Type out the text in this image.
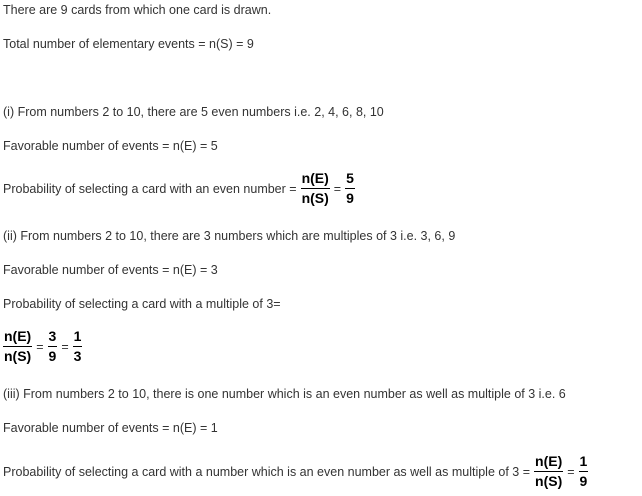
There are 9 cards from which one card is drawn.
Total number of elementary events = n(S) = 9
(i) From numbers 2 to 10, there are 5 even numbers i.e. 2, 4, 6, 8, 10
Favorable number of events = n(E) = 5
Probability of selecting a card with an even number = $\frac{n(E)}{n(S)} = \frac{5}{9}$
(ii) From numbers 2 to 10, there are 3 numbers which are multiples of 3 i.e. 3, 6, 9
Favorable number of events = n(E) = 3
Probability of selecting a card with a multiple of 3=
$\frac{n(E)}{n(S)} = \frac{3}{9} = \frac{1}{3}$
(iii) From numbers 2 to 10, there is one number which is an even number as well as multiple of 3 i.e. 6
Favorable number of events = n(E) = 1
Probability of selecting a card with a number which is an even number as well as multiple of $3 = \frac{n(E)}{n(S)} = \frac{1}{9}$
